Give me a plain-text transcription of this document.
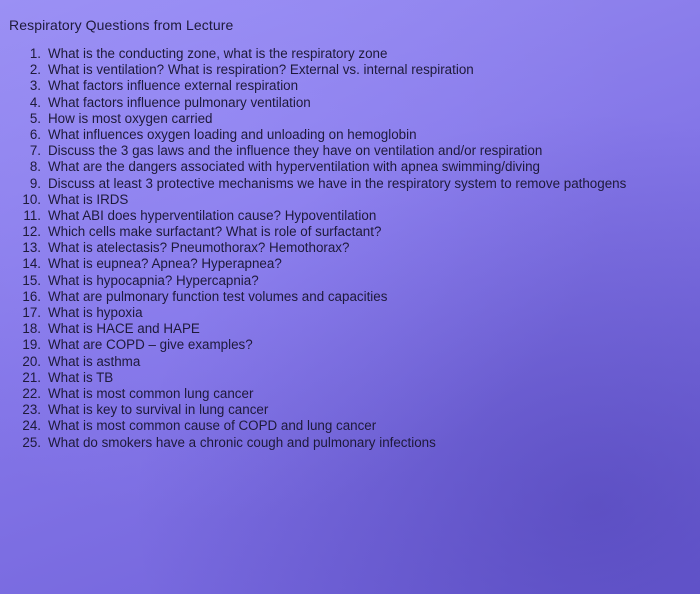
Respiratory Questions from Lecture
1. What is the conducting zone, what is the respiratory zone
2. What is ventilation? What is respiration? External vs. internal respiration
3. What factors influence external respiration
4. What factors influence pulmonary ventilation
5. How is most oxygen carried
6. What influences oxygen loading and unloading on hemoglobin
7. Discuss the 3 gas laws and the influence they have on ventilation and/or respiration
8. What are the dangers associated with hyperventilation with apnea swimming/diving
9. Discuss at least 3 protective mechanisms we have in the respiratory system to remove pathogens
10. What is IRDS
11. What ABI does hyperventilation cause? Hypoventilation
12. Which cells make surfactant? What is role of surfactant?
13. What is atelectasis? Pneumothorax? Hemothorax?
14. What is eupnea? Apnea? Hyperapnea?
15. What is hypocapnia? Hypercapnia?
16. What are pulmonary function test volumes and capacities
17. What is hypoxia
18. What is HACE and HAPE
19. What are COPD – give examples?
20. What is asthma
21. What is TB
22. What is most common lung cancer
23. What is key to survival in lung cancer
24. What is most common cause of COPD and lung cancer
25. What do smokers have a chronic cough and pulmonary infections
